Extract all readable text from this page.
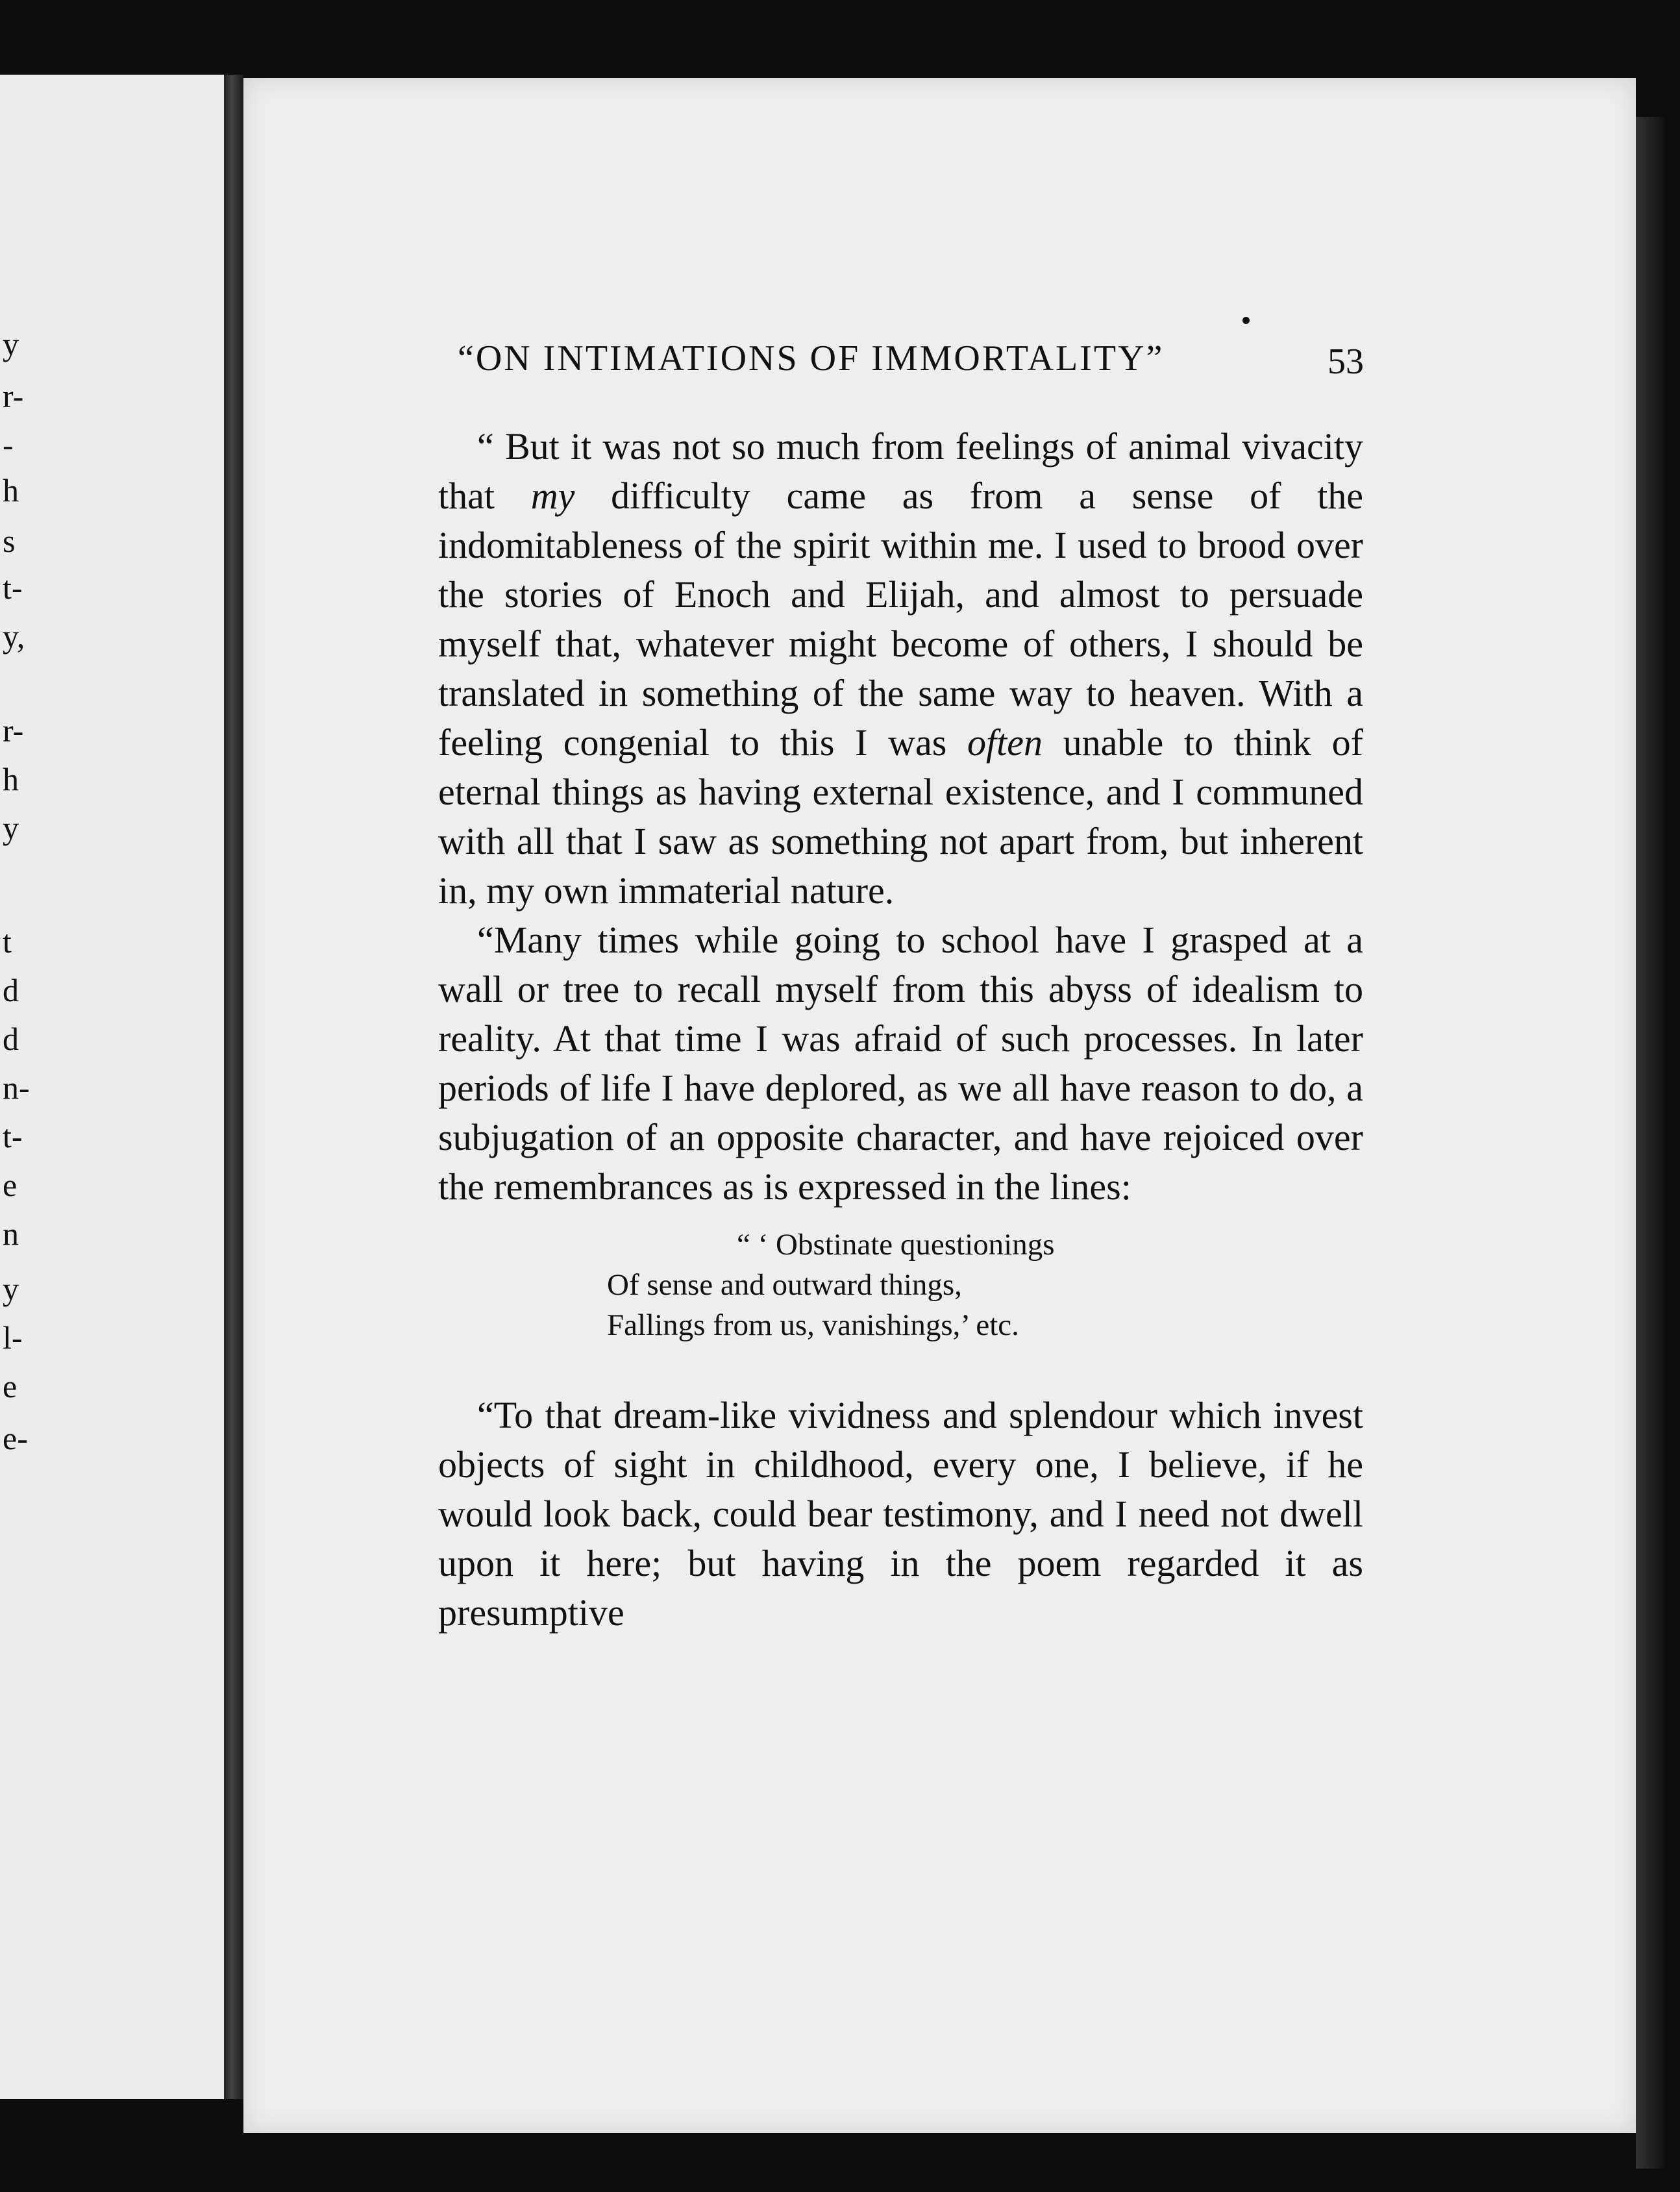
y
r-
-
h
s
t-
y,
r-
h
y
t
d
d
n-
t-
e
n
y
l-
e
e-
“ON INTIMATIONS OF IMMORTALITY”	53

“ But it was not so much from feelings of animal vivacity that my difficulty came as from a sense of the indomitableness of the spirit within me. I used to brood over the stories of Enoch and Elijah, and almost to persuade myself that, whatever might become of others, I should be translated in something of the same way to heaven. With a feeling congenial to this I was often unable to think of eternal things as having external existence, and I communed with all that I saw as something not apart from, but inherent in, my own immaterial nature.

“Many times while going to school have I grasped at a wall or tree to recall myself from this abyss of idealism to reality. At that time I was afraid of such processes. In later periods of life I have deplored, as we all have reason to do, a subjugation of an opposite character, and have rejoiced over the remembrances as is expressed in the lines:

“ ‘ Obstinate questionings
Of sense and outward things,
Fallings from us, vanishings,’ etc.

“To that dream-like vividness and splendour which invest objects of sight in childhood, every one, I believe, if he would look back, could bear testimony, and I need not dwell upon it here; but having in the poem regarded it as presumptive
